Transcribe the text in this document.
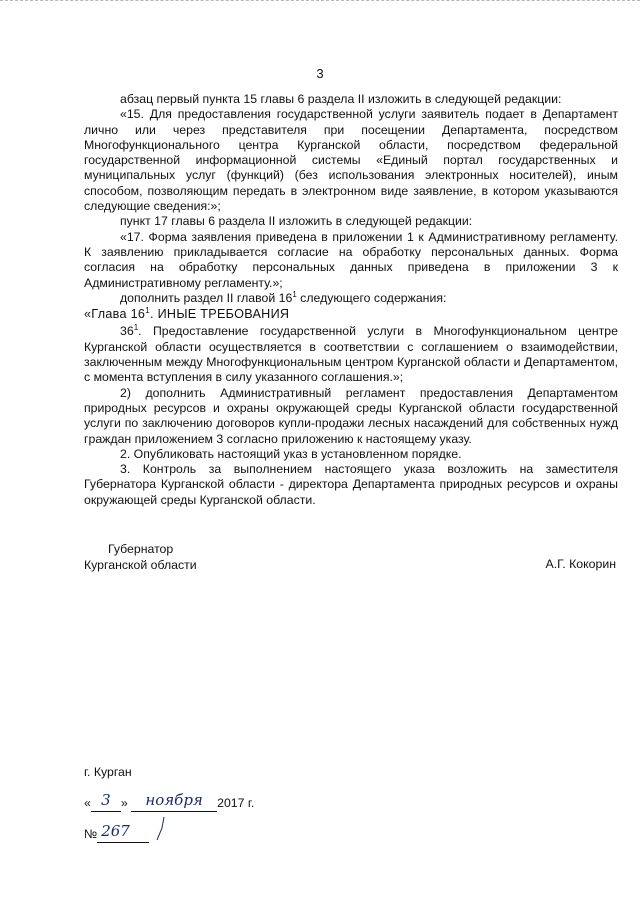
3

абзац первый пункта 15 главы 6 раздела II изложить в следующей редакции:

«15. Для предоставления государственной услуги заявитель подает в Департамент лично или через представителя при посещении Департамента, посредством Многофункционального центра Курганской области, посредством федеральной государственной информационной системы «Единый портал государственных и муниципальных услуг (функций) (без использования электронных носителей), иным способом, позволяющим передать в электронном виде заявление, в котором указываются следующие сведения:»;

пункт 17 главы 6 раздела II изложить в следующей редакции:

«17. Форма заявления приведена в приложении 1 к Административному регламенту. К заявлению прикладывается согласие на обработку персональных данных. Форма согласия на обработку персональных данных приведена в приложении 3 к Административному регламенту.»;

дополнить раздел II главой $16^1$ следующего содержания:

«Глава $16^1$. ИНЫЕ ТРЕБОВАНИЯ

$36^1$. Предоставление государственной услуги в Многофункциональном центре Курганской области осуществляется в соответствии с соглашением о взаимодействии, заключенным между Многофункциональным центром Курганской области и Департаментом, с момента вступления в силу указанного соглашения.»;

2) дополнить Административный регламент предоставления Департаментом природных ресурсов и охраны окружающей среды Курганской области государственной услуги по заключению договоров купли-продажи лесных насаждений для собственных нужд граждан приложением 3 согласно приложению к настоящему указу.

2. Опубликовать настоящий указ в установленном порядке.

3. Контроль за выполнением настоящего указа возложить на заместителя Губернатора Курганской области - директора Департамента природных ресурсов и охраны окружающей среды Курганской области.

Губернатор
Курганской области	А.Г. Кокорин
г. Курган
« 3 » ноября 2017 г.
№ 267
